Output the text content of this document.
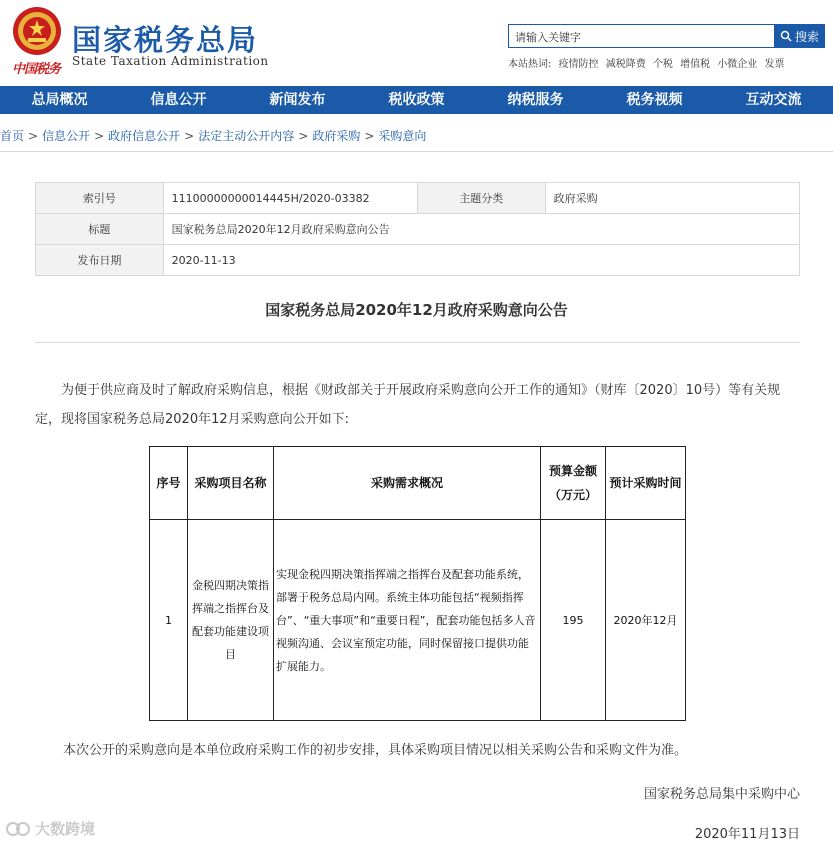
中国税务
国家税务总局
State Taxation Administration
请输入关键字	搜索
本站热词: 疫情防控 减税降费 个税 增值税 小微企业 发票
总局概况	信息公开	新闻发布	税收政策	纳税服务	税务视频	互动交流
首页 > 信息公开 > 政府信息公开 > 法定主动公开内容 > 政府采购 > 采购意向
索引号	11100000000014445H/2020-03382	主题分类	政府采购
标题	国家税务总局2020年12月政府采购意向公告		
发布日期	2020-11-13		
国家税务总局2020年12月政府采购意向公告
为便于供应商及时了解政府采购信息，根据《财政部关于开展政府采购意向公开工作的通知》（财库〔2020〕10号）等有关规定，现将国家税务总局2020年12月采购意向公开如下:
序号	采购项目名称	采购需求概况	预算金额（万元）	预计采购时间
1	金税四期决策指挥端之指挥台及配套功能建设项目	实现金税四期决策指挥端之指挥台及配套功能系统，部署于税务总局内网。系统主体功能包括“视频指挥台”、“重大事项”和“重要日程”，配套功能包括多人音视频沟通、会议室预定功能，同时保留接口提供功能扩展能力。	195	2020年12月
本次公开的采购意向是本单位政府采购工作的初步安排，具体采购项目情况以相关采购公告和采购文件为准。
国家税务总局集中采购中心
2020年11月13日
大数跨境
